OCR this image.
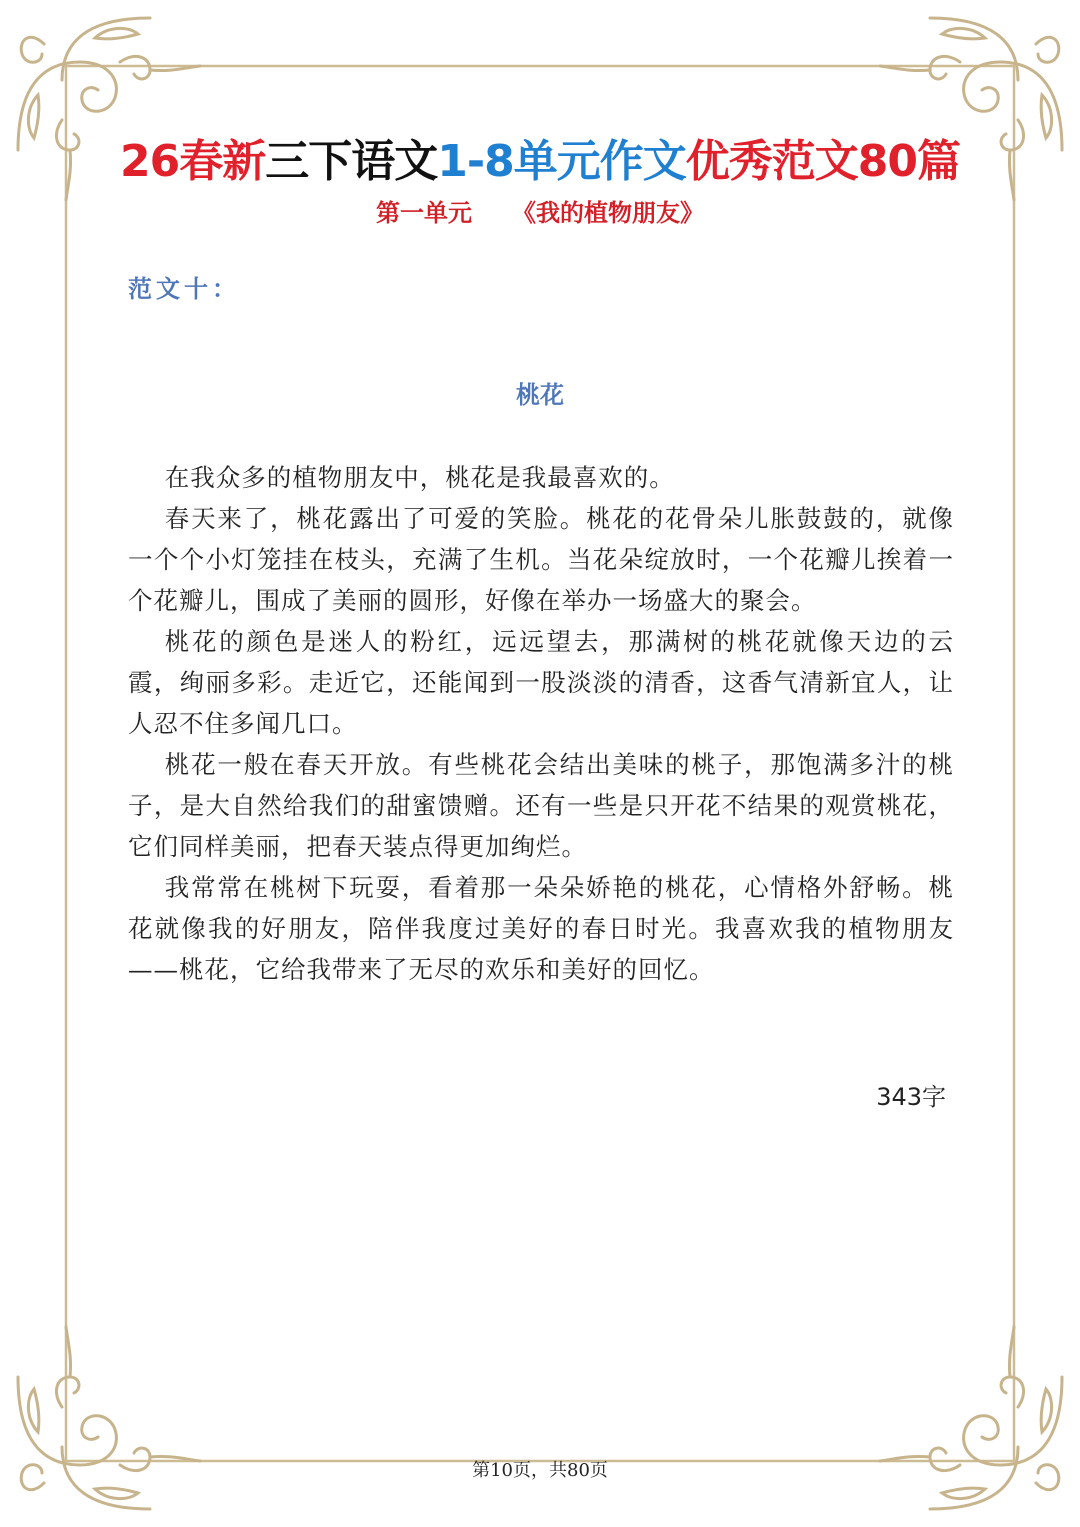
26春新三下语文1-8单元作文优秀范文80篇
第一单元 《我的植物朋友》
范文十：
桃花

在我众多的植物朋友中，桃花是我最喜欢的。

春天来了，桃花露出了可爱的笑脸。桃花的花骨朵儿胀鼓鼓的，就像一个个小灯笼挂在枝头，充满了生机。当花朵绽放时，一个花瓣儿挨着一个花瓣儿，围成了美丽的圆形，好像在举办一场盛大的聚会。

桃花的颜色是迷人的粉红，远远望去，那满树的桃花就像天边的云霞，绚丽多彩。走近它，还能闻到一股淡淡的清香，这香气清新宜人，让人忍不住多闻几口。

桃花一般在春天开放。有些桃花会结出美味的桃子，那饱满多汁的桃子，是大自然给我们的甜蜜馈赠。还有一些是只开花不结果的观赏桃花，它们同样美丽，把春天装点得更加绚烂。

我常常在桃树下玩耍，看着那一朵朵娇艳的桃花，心情格外舒畅。桃花就像我的好朋友，陪伴我度过美好的春日时光。我喜欢我的植物朋友——桃花，它给我带来了无尽的欢乐和美好的回忆。

343字
第10页，共80页
